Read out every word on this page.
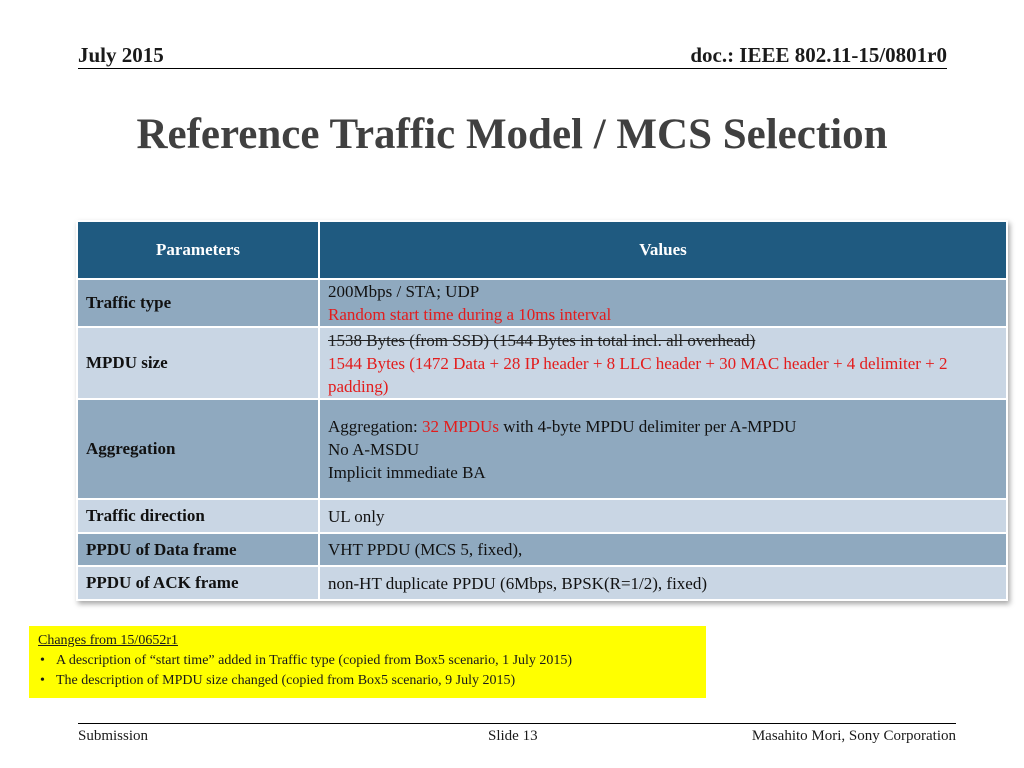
July 2015	doc.: IEEE 802.11-15/0801r0
Reference Traffic Model / MCS Selection
Parameters	Values
Traffic type	200Mbps / STA; UDP
Random start time during a 10ms interval

MPDU size	1538 Bytes (from SSD) (1544 Bytes in total incl. all overhead)
1544 Bytes (1472 Data + 28 IP header + 8 LLC header + 30 MAC header + 4 delimiter + 2 padding)

Aggregation	Aggregation: 32 MPDUs with 4-byte MPDU delimiter per A-MPDU
No A-MSDU
Implicit immediate BA

Traffic direction	UL only
PPDU of Data frame	VHT PPDU (MCS 5, fixed),
PPDU of ACK frame	non-HT duplicate PPDU (6Mbps, BPSK(R=1/2), fixed)
Changes from 15/0652r1
• A description of “start time” added in Traffic type (copied from Box5 scenario, 1 July 2015)
• The description of MPDU size changed (copied from Box5 scenario, 9 July 2015)
Submission	Slide 13	Masahito Mori, Sony Corporation
